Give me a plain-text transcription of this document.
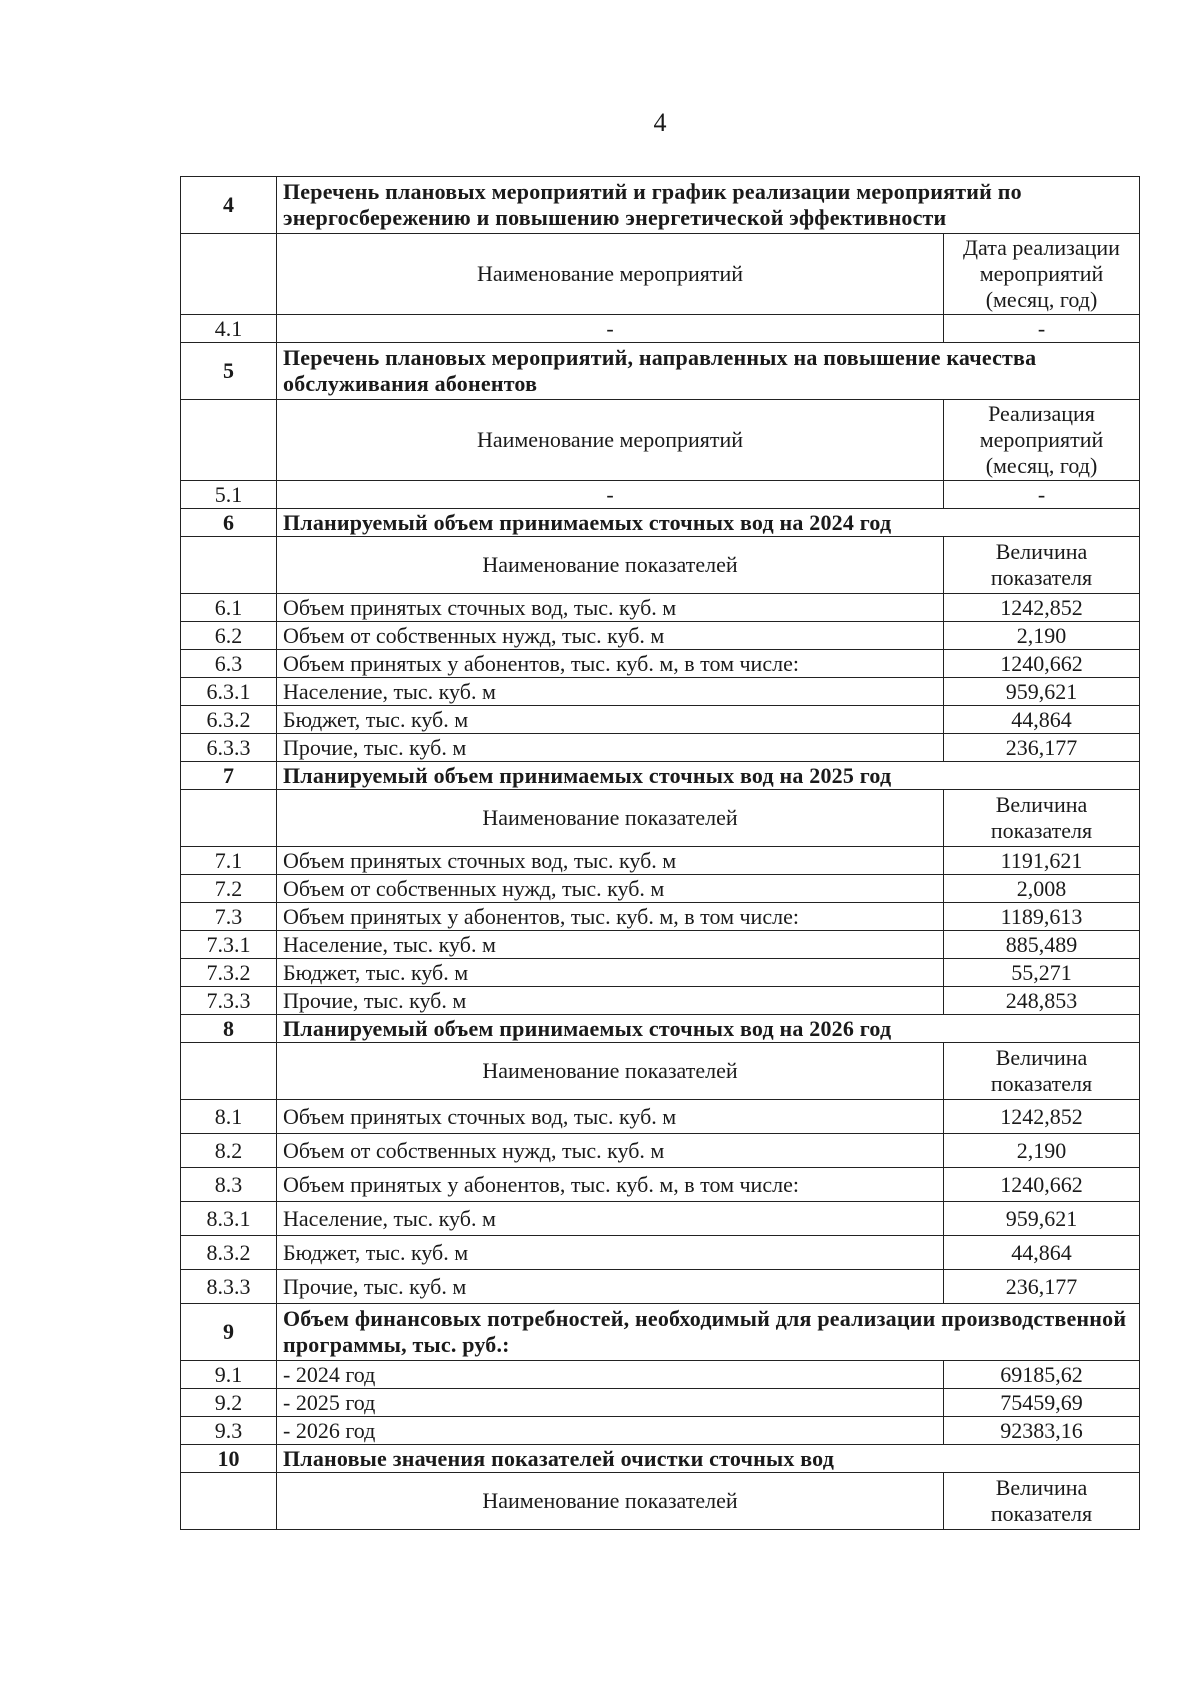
4
4	Перечень плановых мероприятий и график реализации мероприятий по энергосбережению и повышению энергетической эффективности	
	Наименование мероприятий	Дата реализации мероприятий (месяц, год)
4.1	-	-
5	Перечень плановых мероприятий, направленных на повышение качества обслуживания абонентов	
	Наименование мероприятий	Реализация мероприятий (месяц, год)
5.1	-	-
6	Планируемый объем принимаемых сточных вод на 2024 год	
	Наименование показателей	Величина показателя
6.1	Объем принятых сточных вод, тыс. куб. м	1242,852
6.2	Объем от собственных нужд, тыс. куб. м	2,190
6.3	Объем принятых у абонентов, тыс. куб. м, в том числе:	1240,662
6.3.1	Население, тыс. куб. м	959,621
6.3.2	Бюджет, тыс. куб. м	44,864
6.3.3	Прочие, тыс. куб. м	236,177
7	Планируемый объем принимаемых сточных вод на 2025 год	
	Наименование показателей	Величина показателя
7.1	Объем принятых сточных вод, тыс. куб. м	1191,621
7.2	Объем от собственных нужд, тыс. куб. м	2,008
7.3	Объем принятых у абонентов, тыс. куб. м, в том числе:	1189,613
7.3.1	Население, тыс. куб. м	885,489
7.3.2	Бюджет, тыс. куб. м	55,271
7.3.3	Прочие, тыс. куб. м	248,853
8	Планируемый объем принимаемых сточных вод на 2026 год	
	Наименование показателей	Величина показателя
8.1	Объем принятых сточных вод, тыс. куб. м	1242,852
8.2	Объем от собственных нужд, тыс. куб. м	2,190
8.3	Объем принятых у абонентов, тыс. куб. м, в том числе:	1240,662
8.3.1	Население, тыс. куб. м	959,621
8.3.2	Бюджет, тыс. куб. м	44,864
8.3.3	Прочие, тыс. куб. м	236,177
9	Объем финансовых потребностей, необходимый для реализации производственной программы, тыс. руб.:	
9.1	- 2024 год	69185,62
9.2	- 2025 год	75459,69
9.3	- 2026 год	92383,16
10	Плановые значения показателей очистки сточных вод	
	Наименование показателей	Величина показателя
